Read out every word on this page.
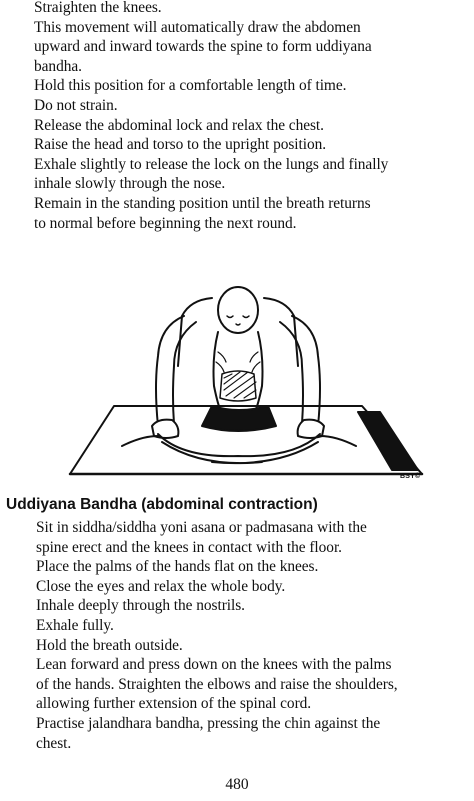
Straighten the knees.

This movement will automatically draw the abdomen

upward and inward towards the spine to form uddiyana

bandha.

Hold this position for a comfortable length of time.

Do not strain.

Release the abdominal lock and relax the chest.

Raise the head and torso to the upright position.

Exhale slightly to release the lock on the lungs and finally

inhale slowly through the nose.

Remain in the standing position until the breath returns

to normal before beginning the next round.

BSY©
Uddiyana Bandha (abdominal contraction)

Sit in siddha/siddha yoni asana or padmasana with the

spine erect and the knees in contact with the floor.

Place the palms of the hands flat on the knees.

Close the eyes and relax the whole body.

Inhale deeply through the nostrils.

Exhale fully.

Hold the breath outside.

Lean forward and press down on the knees with the palms

of the hands. Straighten the elbows and raise the shoulders,

allowing further extension of the spinal cord.

Practise jalandhara bandha, pressing the chin against the

chest.

480
